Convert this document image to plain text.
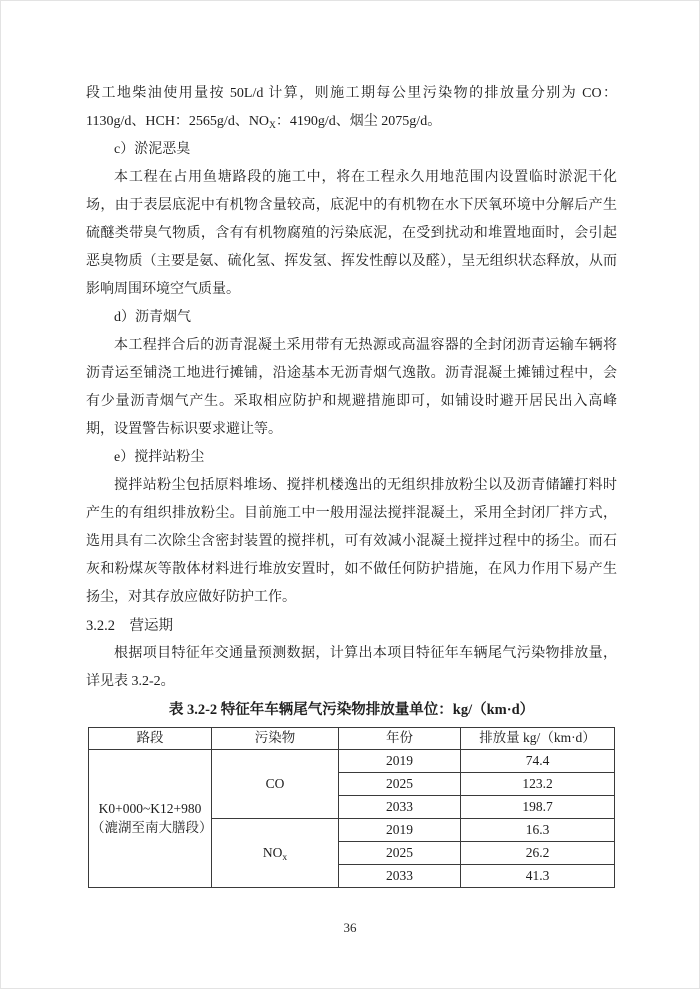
段工地柴油使用量按 50L/d 计算，则施工期每公里污染物的排放量分别为 CO：1130g/d、HCH：2565g/d、$NO_X$：4190g/d、烟尘 2075g/d。

c）淤泥恶臭

本工程在占用鱼塘路段的施工中，将在工程永久用地范围内设置临时淤泥干化场，由于表层底泥中有机物含量较高，底泥中的有机物在水下厌氧环境中分解后产生硫醚类带臭气物质，含有有机物腐殖的污染底泥，在受到扰动和堆置地面时，会引起恶臭物质（主要是氨、硫化氢、挥发氢、挥发性醇以及醛），呈无组织状态释放，从而影响周围环境空气质量。

d）沥青烟气

本工程拌合后的沥青混凝土采用带有无热源或高温容器的全封闭沥青运输车辆将沥青运至铺浇工地进行摊铺，沿途基本无沥青烟气逸散。沥青混凝土摊铺过程中，会有少量沥青烟气产生。采取相应防护和规避措施即可，如铺设时避开居民出入高峰期，设置警告标识要求避让等。

e）搅拌站粉尘

搅拌站粉尘包括原料堆场、搅拌机楼逸出的无组织排放粉尘以及沥青储罐打料时产生的有组织排放粉尘。目前施工中一般用湿法搅拌混凝土，采用全封闭厂拌方式，选用具有二次除尘含密封装置的搅拌机，可有效减小混凝土搅拌过程中的扬尘。而石灰和粉煤灰等散体材料进行堆放安置时，如不做任何防护措施，在风力作用下易产生扬尘，对其存放应做好防护工作。

3.2.2　营运期

根据项目特征年交通量预测数据，计算出本项目特征年车辆尾气污染物排放量，详见表 3.2-2。

表 3.2-2 特征年车辆尾气污染物排放量单位：kg/（km·d）

路段	污染物	年份	排放量 kg/（km·d）
K0+000~K12+980（漉湖至南大膳段）	CO	2019	74.4
		2025	123.2
		2033	198.7
	$NO_x$	2019	16.3
		2025	26.2
		2033	41.3
36
